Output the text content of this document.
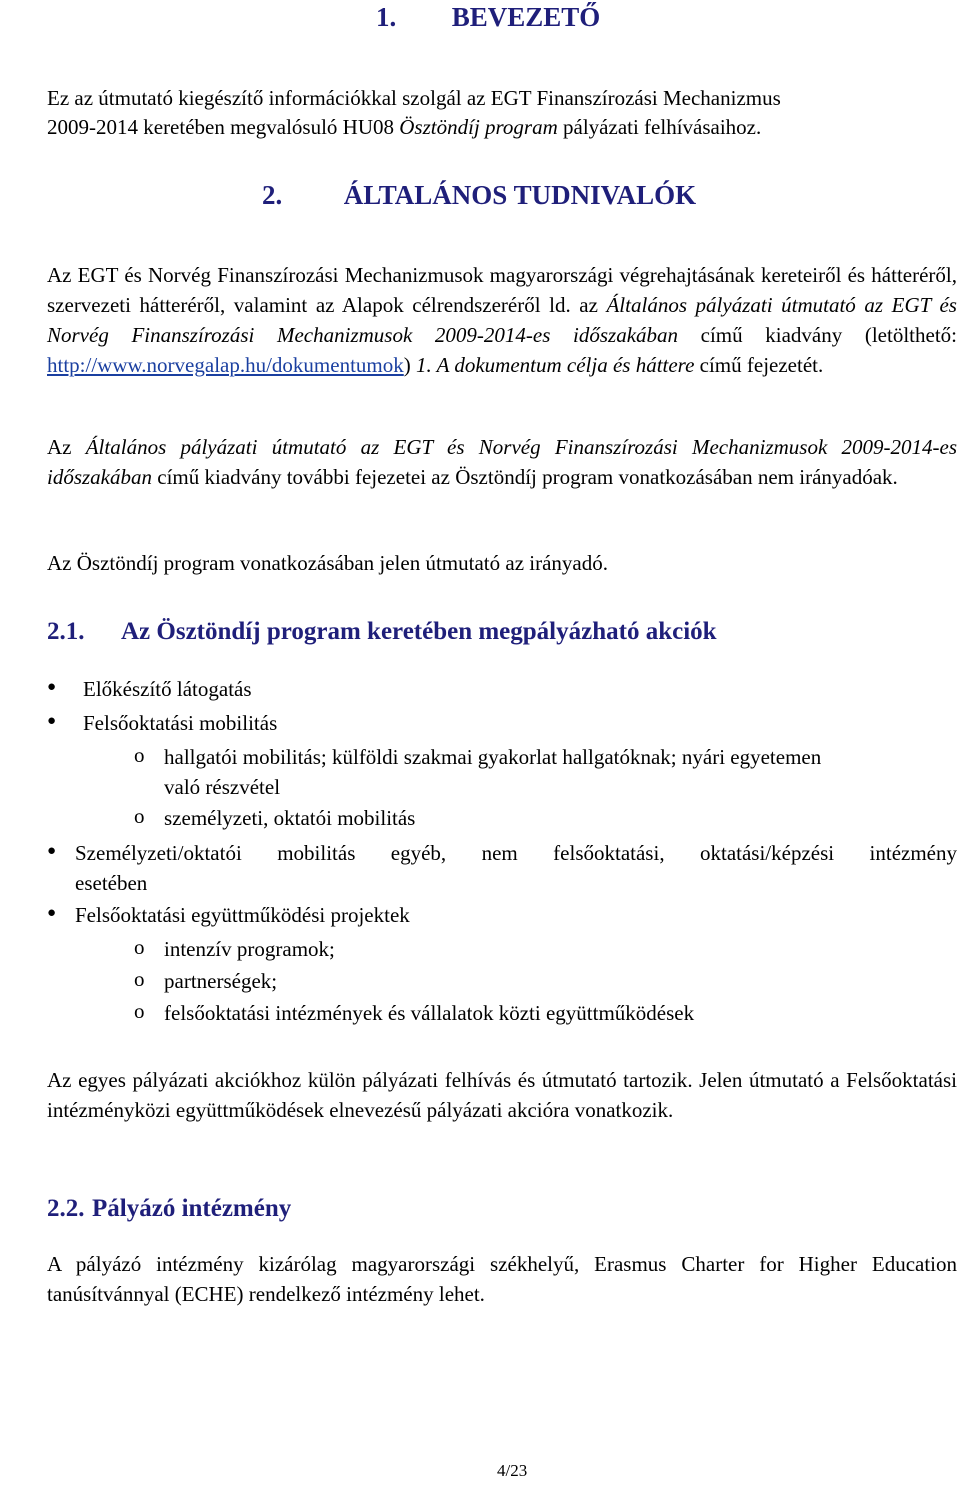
1. BEVEZETŐ
Ez az útmutató kiegészítő információkkal szolgál az EGT Finanszírozási Mechanizmus
2009-2014 keretében megvalósuló HU08 Ösztöndíj program pályázati felhívásaihoz.
2. ÁLTALÁNOS TUDNIVALÓK
Az EGT és Norvég Finanszírozási Mechanizmusok magyarországi végrehajtásának kereteiről és hátteréről, szervezeti hátteréről, valamint az Alapok célrendszeréről ld. az Általános pályázati útmutató az EGT és Norvég Finanszírozási Mechanizmusok 2009-2014-es időszakában című kiadvány (letölthető: http://www.norvegalap.hu/dokumentumok) 1. A dokumentum célja és háttere című fejezetét.
Az Általános pályázati útmutató az EGT és Norvég Finanszírozási Mechanizmusok 2009-2014-es időszakában című kiadvány további fejezetei az Ösztöndíj program vonatkozásában nem irányadóak.
Az Ösztöndíj program vonatkozásában jelen útmutató az irányadó.
2.1. Az Ösztöndíj program keretében megpályázható akciók
● Előkészítő látogatás
● Felsőoktatási mobilitás
o hallgatói mobilitás; külföldi szakmai gyakorlat hallgatóknak; nyári egyetemen
való részvétel
o személyzeti, oktatói mobilitás
● Személyzeti/oktatói mobilitás egyéb, nem felsőoktatási, oktatási/képzési intézmény
esetében
● Felsőoktatási együttműködési projektek
o intenzív programok;
o partnerségek;
o felsőoktatási intézmények és vállalatok közti együttműködések
Az egyes pályázati akciókhoz külön pályázati felhívás és útmutató tartozik. Jelen útmutató a Felsőoktatási intézményközi együttműködések elnevezésű pályázati akcióra vonatkozik.
2.2. Pályázó intézmény
A pályázó intézmény kizárólag magyarországi székhelyű, Erasmus Charter for Higher Education tanúsítvánnyal (ECHE) rendelkező intézmény lehet.
4/23
